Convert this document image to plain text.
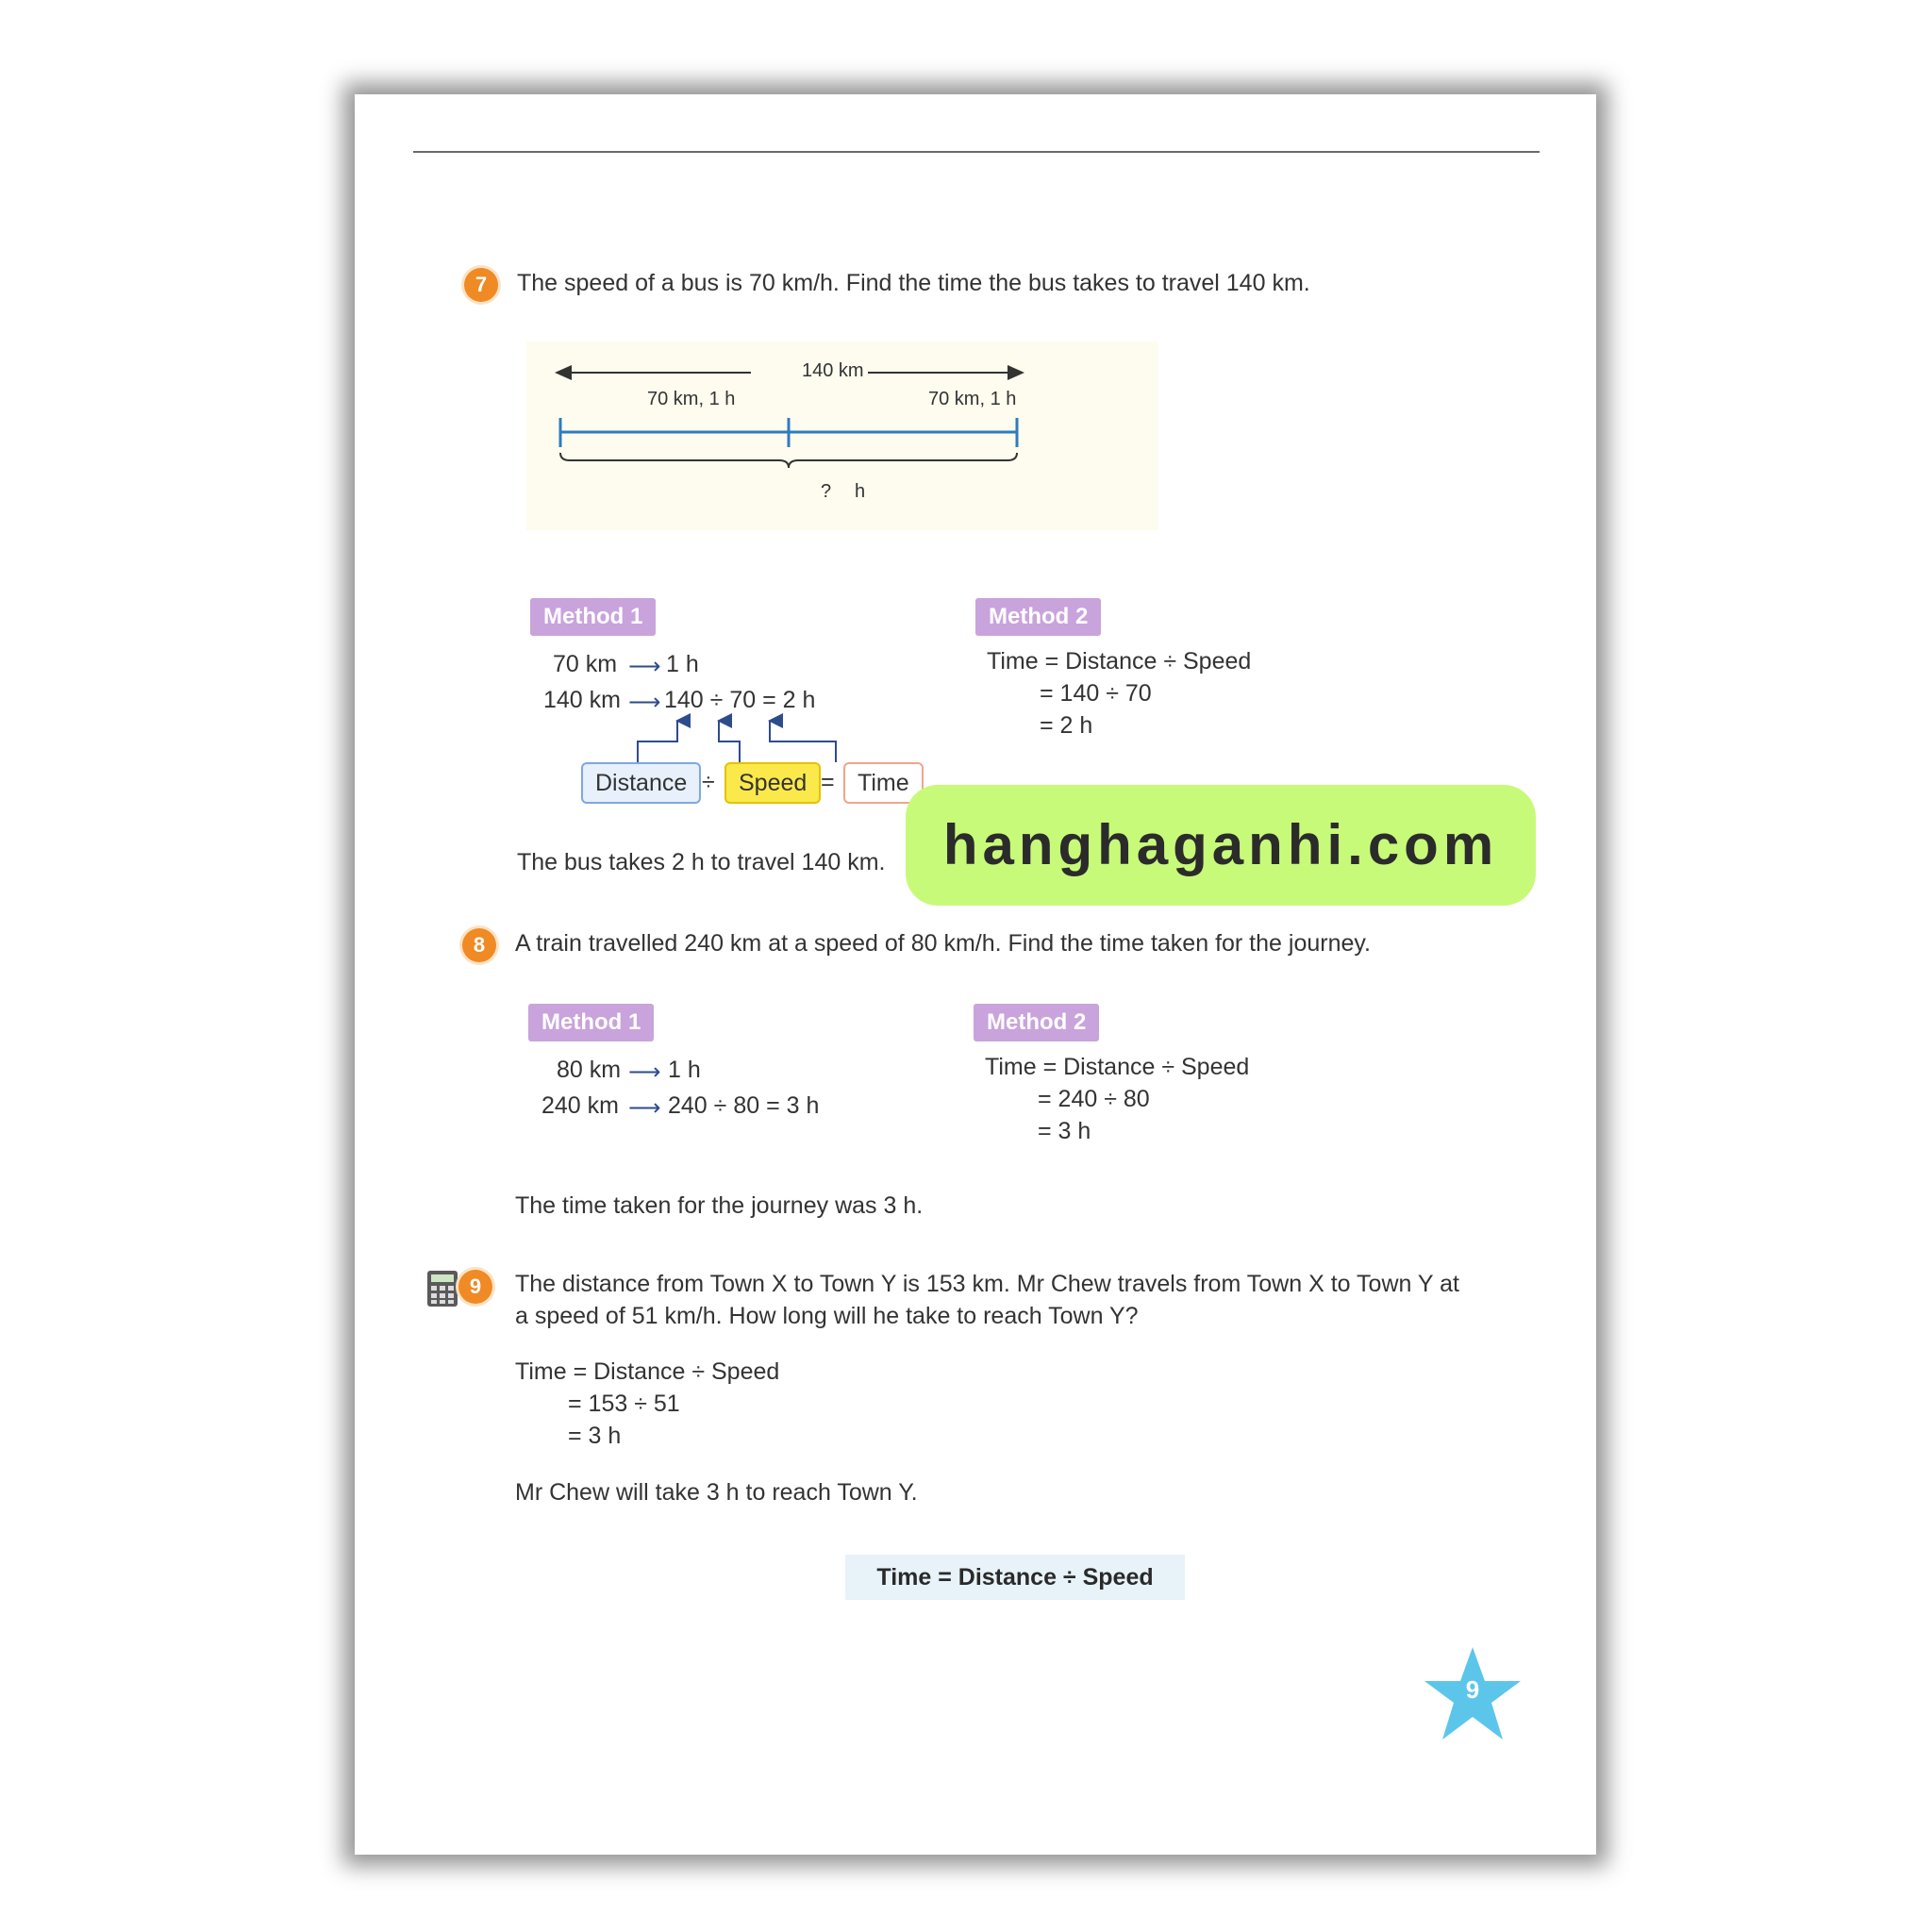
7	The speed of a bus is 70 km/h. Find the time the bus takes to travel 140 km.
140 km
70 km, 1 h	70 km, 1 h
? h
Method 1
70 km ⟶ 1 h
140 km ⟶ 140 ÷ 70 = 2 h
Distance ÷	Speed = Time
Method 2
Time = Distance ÷ Speed
= 140 ÷ 70
= 2 h
The bus takes 2 h to travel 140 km.
8	A train travelled 240 km at a speed of 80 km/h. Find the time taken for the journey.
Method 1
80 km ⟶ 1 h
240 km ⟶ 240 ÷ 80 = 3 h
Method 2
Time = Distance ÷ Speed
= 240 ÷ 80
= 3 h
The time taken for the journey was 3 h.
9	The distance from Town X to Town Y is 153 km. Mr Chew travels from Town X to Town Y at a speed of 51 km/h. How long will he take to reach Town Y?
Time = Distance ÷ Speed
= 153 ÷ 51
= 3 h
Mr Chew will take 3 h to reach Town Y.
Time = Distance ÷ Speed
9
hanghaganhi.com
